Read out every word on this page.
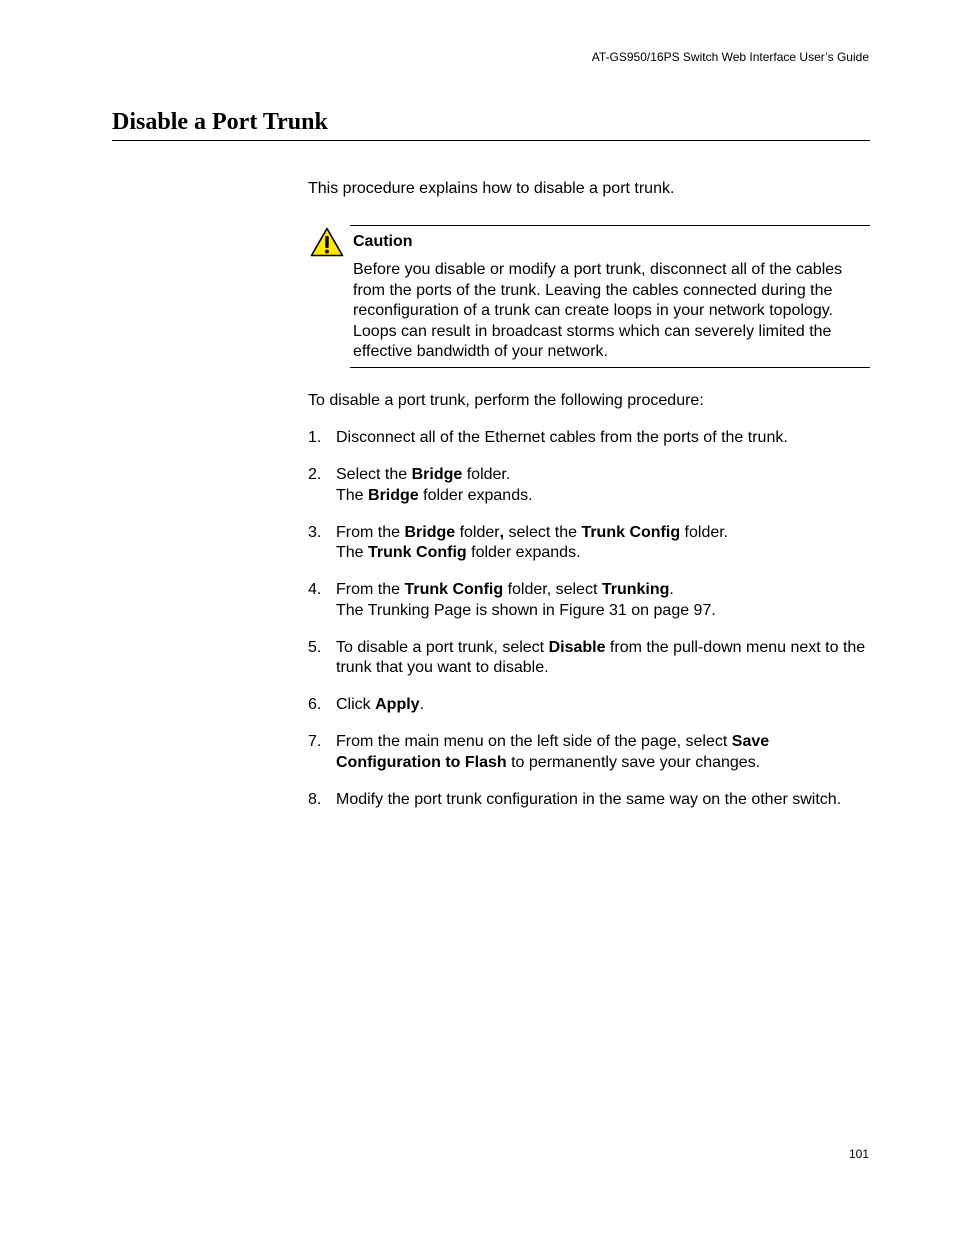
AT-GS950/16PS Switch Web Interface User’s Guide
Disable a Port Trunk

This procedure explains how to disable a port trunk.

Caution

Before you disable or modify a port trunk, disconnect all of the cables from the ports of the trunk. Leaving the cables connected during the reconfiguration of a trunk can create loops in your network topology. Loops can result in broadcast storms which can severely limited the effective bandwidth of your network.

To disable a port trunk, perform the following procedure:

1. Disconnect all of the Ethernet cables from the ports of the trunk.
2. Select the Bridge folder.
The Bridge folder expands.
3. From the Bridge folder, select the Trunk Config folder.
The Trunk Config folder expands.
4. From the Trunk Config folder, select Trunking.
The Trunking Page is shown in Figure 31 on page 97.
5. To disable a port trunk, select Disable from the pull-down menu next to the trunk that you want to disable.
6. Click Apply.
7. From the main menu on the left side of the page, select Save Configuration to Flash to permanently save your changes.
8. Modify the port trunk configuration in the same way on the other switch.
101
